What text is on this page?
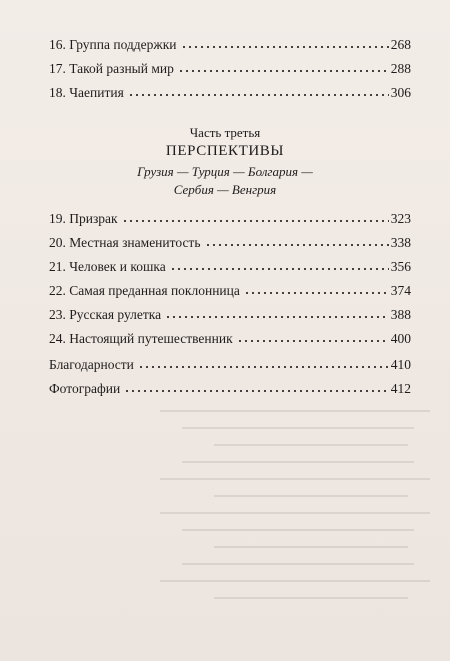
16. Группа поддержки	268
17. Такой разный мир	288
18. Чаепития	306
Часть третья
ПЕРСПЕКТИВЫ
Грузия — Турция — Болгария —
Сербия — Венгрия
19. Призрак	323
20. Местная знаменитость	338
21. Человек и кошка	356
22. Самая преданная поклонница	374
23. Русская рулетка	388
24. Настоящий путешественник	400
Благодарности	410
Фотографии	412
